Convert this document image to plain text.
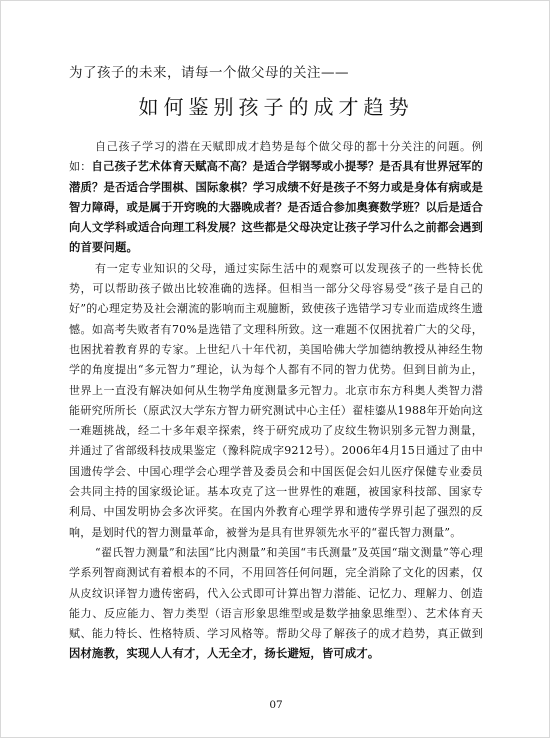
为了孩子的未来，请每一个做父母的关注——
如何鉴别孩子的成才趋势

自己孩子学习的潜在天赋即成才趋势是每个做父母的都十分关注的问题。例如：自己孩子艺术体育天赋高不高？是适合学钢琴或小提琴？是否具有世界冠军的潜质？是否适合学围棋、国际象棋？学习成绩不好是孩子不努力或是身体有病或是智力障碍，或是属于开窍晚的大器晚成者？是否适合参加奥赛数学班？以后是适合向人文学科或适合向理工科发展？这些都是父母决定让孩子学习什么之前都会遇到的首要问题。

有一定专业知识的父母，通过实际生活中的观察可以发现孩子的一些特长优势，可以帮助孩子做出比较准确的选择。但相当一部分父母容易受“孩子是自己的好”的心理定势及社会潮流的影响而主观臆断，致使孩子选错学习专业而造成终生遗憾。如高考失败者有70%是选错了文理科所致。这一难题不仅困扰着广大的父母，也困扰着教育界的专家。上世纪八十年代初，美国哈佛大学加德纳教授从神经生物学的角度提出“多元智力”理论，认为每个人都有不同的智力优势。但到目前为止，世界上一直没有解决如何从生物学角度测量多元智力。北京市东方科奥人类智力潜能研究所所长（原武汉大学东方智力研究测试中心主任）翟桂鎏从1988年开始向这一难题挑战，经二十多年艰辛探索，终于研究成功了皮纹生物识别多元智力测量，并通过了省部级科技成果鉴定（豫科院成字9212号）。2006年4月15日通过了由中国遗传学会、中国心理学会心理学普及委员会和中国医促会妇儿医疗保健专业委员会共同主持的国家级论证。基本攻克了这一世界性的难题，被国家科技部、国家专利局、中国发明协会多次评奖。在国内外教育心理学界和遗传学界引起了强烈的反响，是划时代的智力测量革命，被誉为是具有世界领先水平的“翟氏智力测量”。

“翟氏智力测量”和法国“比内测量”和美国“韦氏测量”及英国“瑞文测量”等心理学系列智商测试有着根本的不同，不用回答任何问题，完全消除了文化的因素，仅从皮纹识译智力遗传密码，代入公式即可计算出智力潜能、记忆力、理解力、创造能力、反应能力、智力类型（语言形象思维型或是数学抽象思维型）、艺术体育天赋、能力特长、性格特质、学习风格等。帮助父母了解孩子的成才趋势，真正做到因材施教，实现人人有才，人无全才，扬长避短，皆可成才。

07
